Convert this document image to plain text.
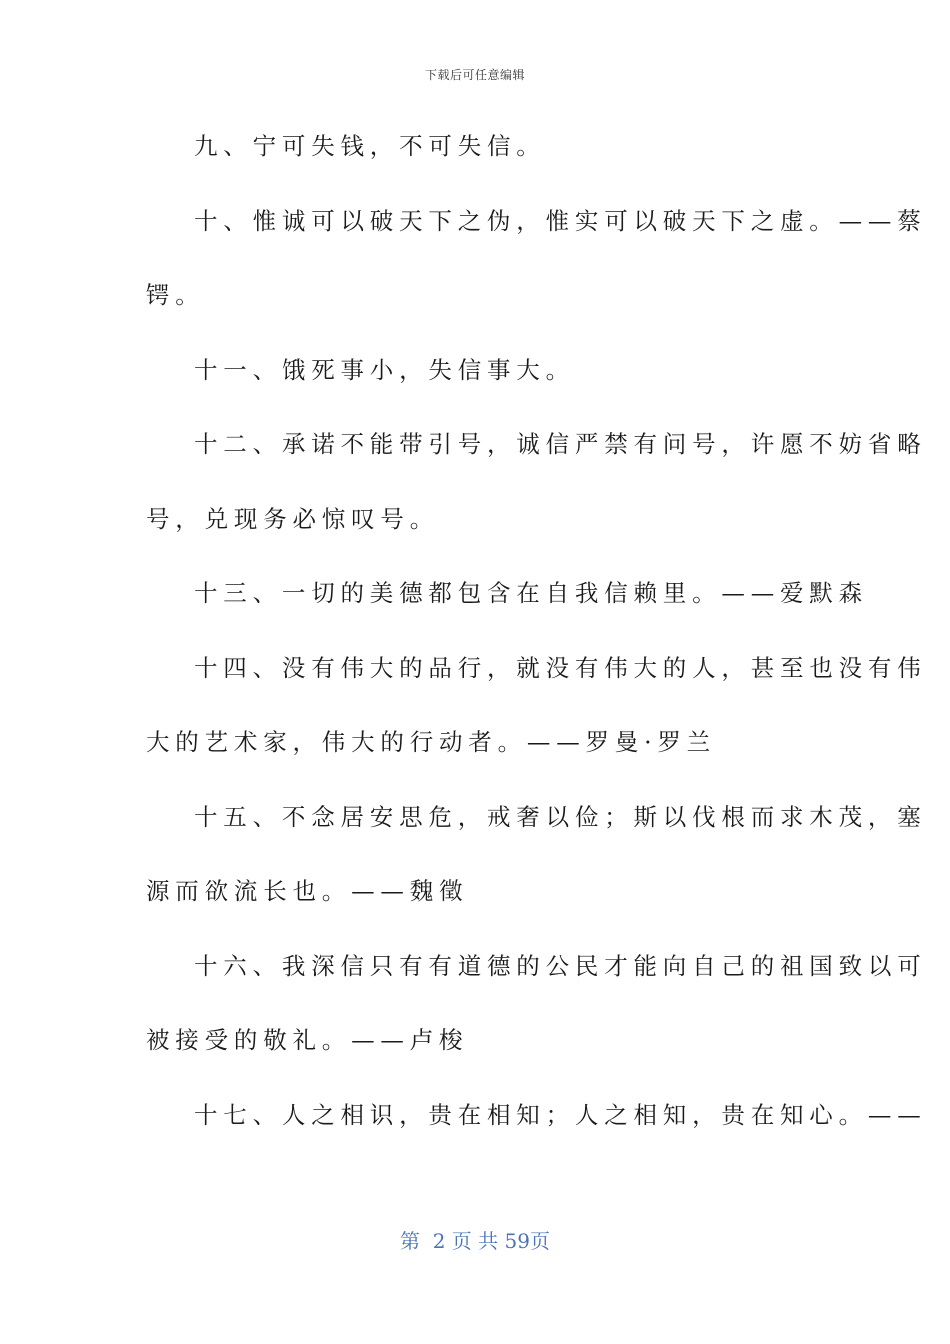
下载后可任意编辑
九、宁可失钱，不可失信。
十、惟诚可以破天下之伪，惟实可以破天下之虚。——蔡
锷。
十一、饿死事小，失信事大。
十二、承诺不能带引号，诚信严禁有问号，许愿不妨省略
号，兑现务必惊叹号。
十三、一切的美德都包含在自我信赖里。——爱默森
十四、没有伟大的品行，就没有伟大的人，甚至也没有伟
大的艺术家，伟大的行动者。——罗曼·罗兰
十五、不念居安思危，戒奢以俭；斯以伐根而求木茂，塞
源而欲流长也。——魏徵
十六、我深信只有有道德的公民才能向自己的祖国致以可
被接受的敬礼。——卢梭
十七、人之相识，贵在相知；人之相知，贵在知心。——
第  2 页 共 59页
